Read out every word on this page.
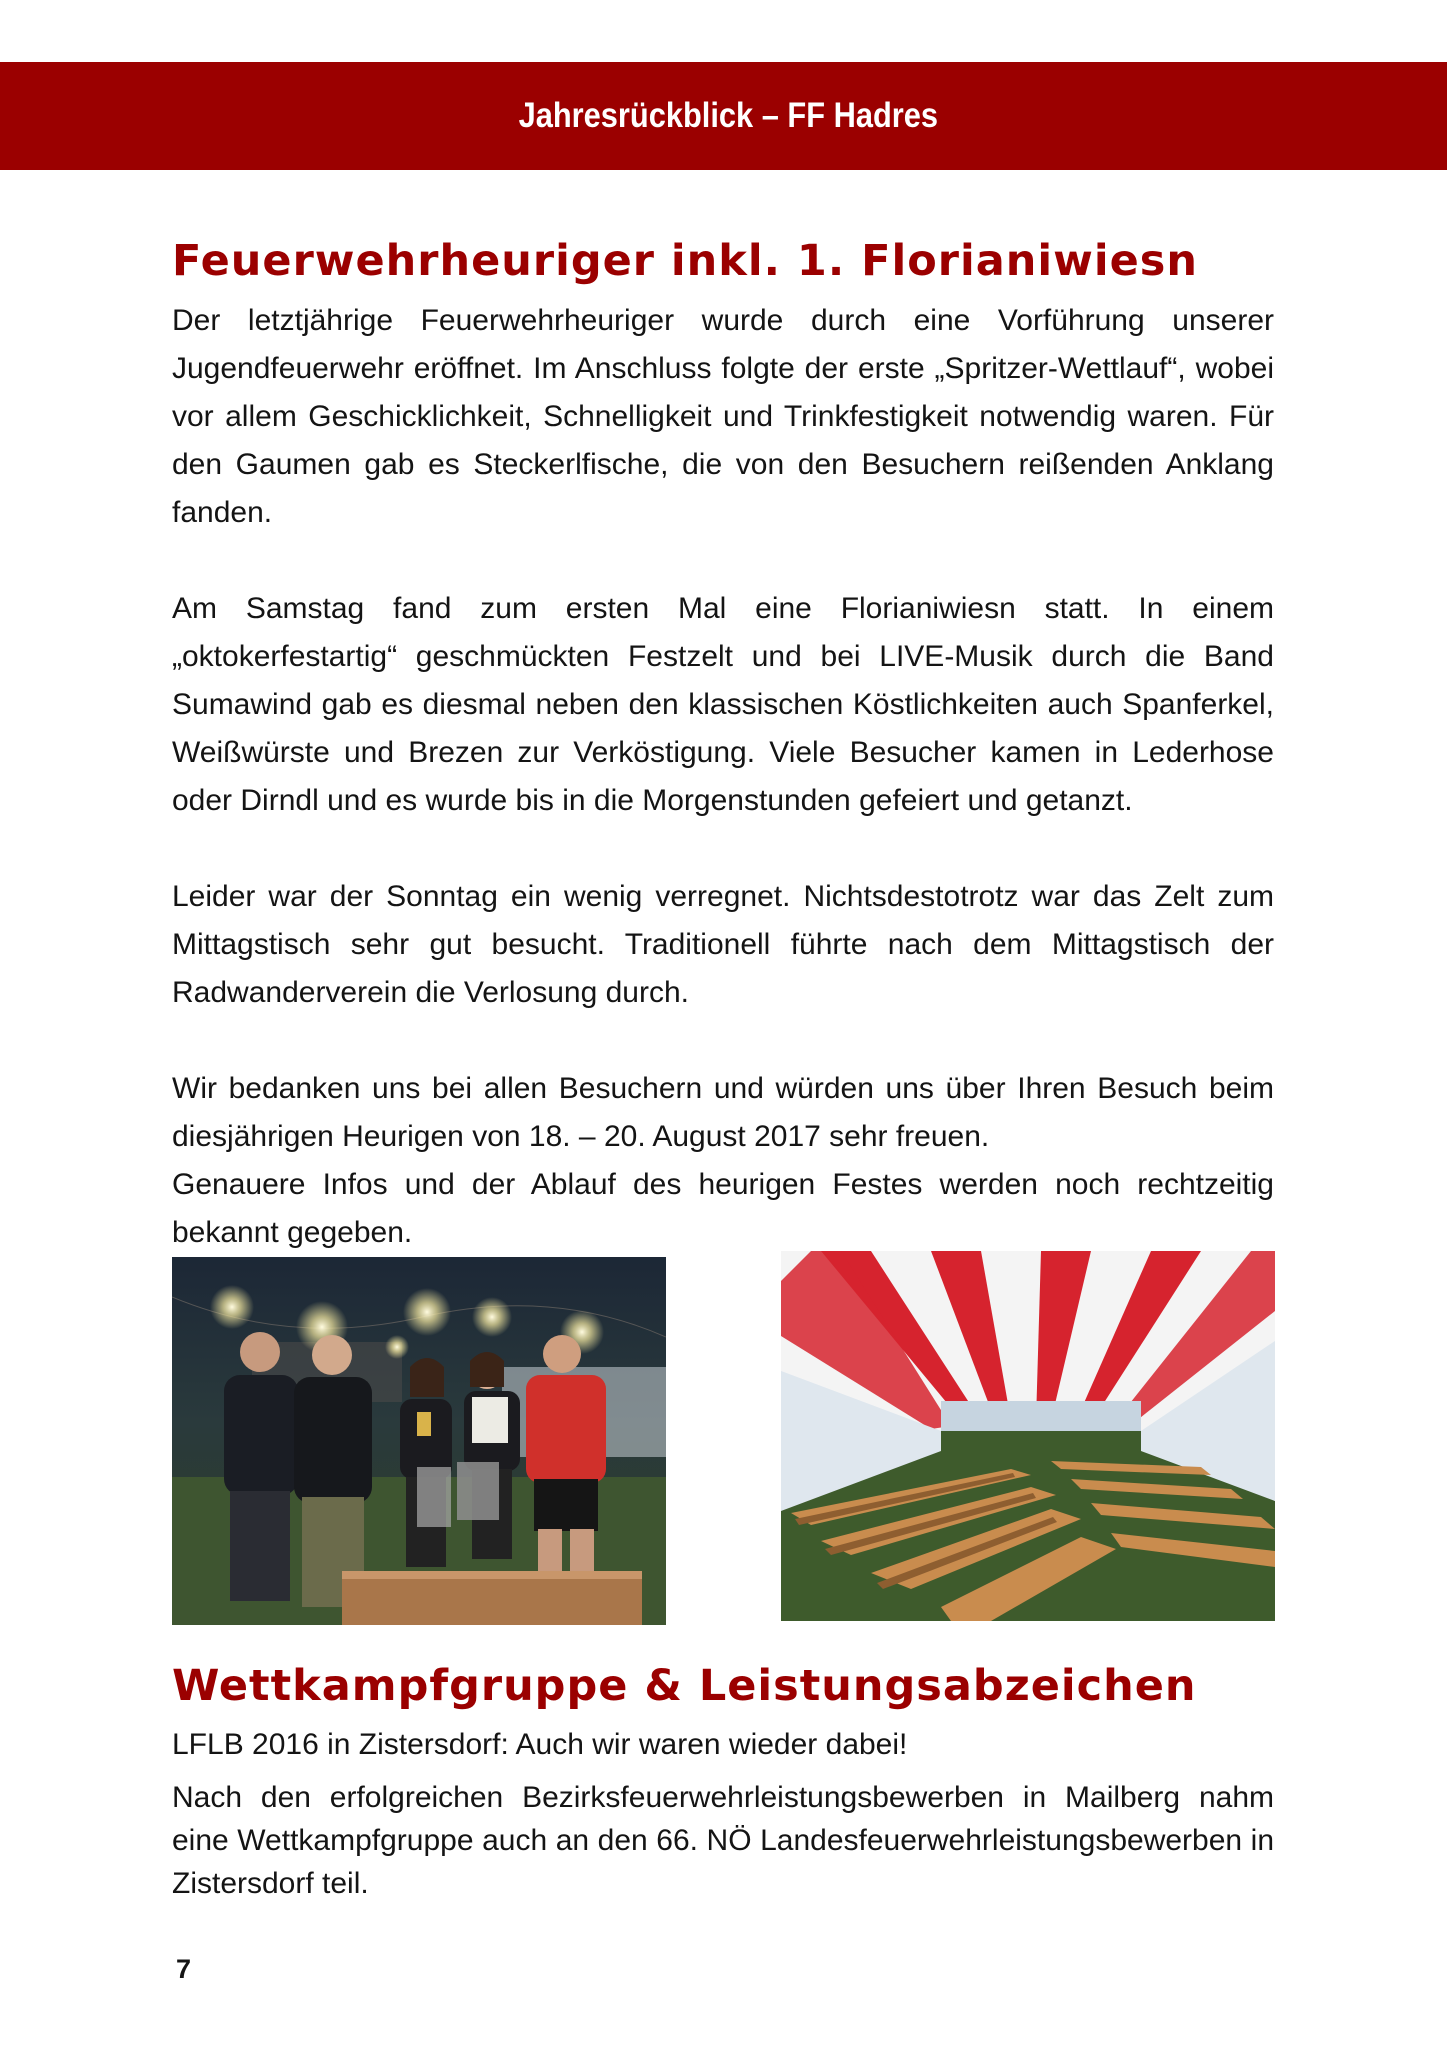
Jahresrückblick – FF Hadres
Feuerwehrheuriger inkl. 1. Florianiwiesn

Der letztjährige Feuerwehrheuriger wurde durch eine Vorführung unserer Jugendfeuerwehr eröffnet. Im Anschluss folgte der erste „Spritzer-Wettlauf“, wobei vor allem Geschicklichkeit, Schnelligkeit und Trinkfestigkeit notwendig waren. Für den Gaumen gab es Steckerlfische, die von den Besuchern reißenden Anklang fanden.

Am Samstag fand zum ersten Mal eine Florianiwiesn statt. In einem „oktokerfestartig“ geschmückten Festzelt und bei LIVE-Musik durch die Band Sumawind gab es diesmal neben den klassischen Köstlichkeiten auch Spanferkel, Weißwürste und Brezen zur Verköstigung. Viele Besucher kamen in Lederhose oder Dirndl und es wurde bis in die Morgenstunden gefeiert und getanzt.

Leider war der Sonntag ein wenig verregnet. Nichtsdestotrotz war das Zelt zum Mittagstisch sehr gut besucht. Traditionell führte nach dem Mittagstisch der Radwanderverein die Verlosung durch.

Wir bedanken uns bei allen Besuchern und würden uns über Ihren Besuch beim diesjährigen Heurigen von 18. – 20. August 2017 sehr freuen.

Genauere Infos und der Ablauf des heurigen Festes werden noch rechtzeitig bekannt gegeben.

Wettkampfgruppe & Leistungsabzeichen

LFLB 2016 in Zistersdorf: Auch wir waren wieder dabei!

Nach den erfolgreichen Bezirksfeuerwehrleistungsbewerben in Mailberg nahm eine Wettkampfgruppe auch an den 66. NÖ Landesfeuerwehrleistungsbewerben in Zistersdorf teil.

7
